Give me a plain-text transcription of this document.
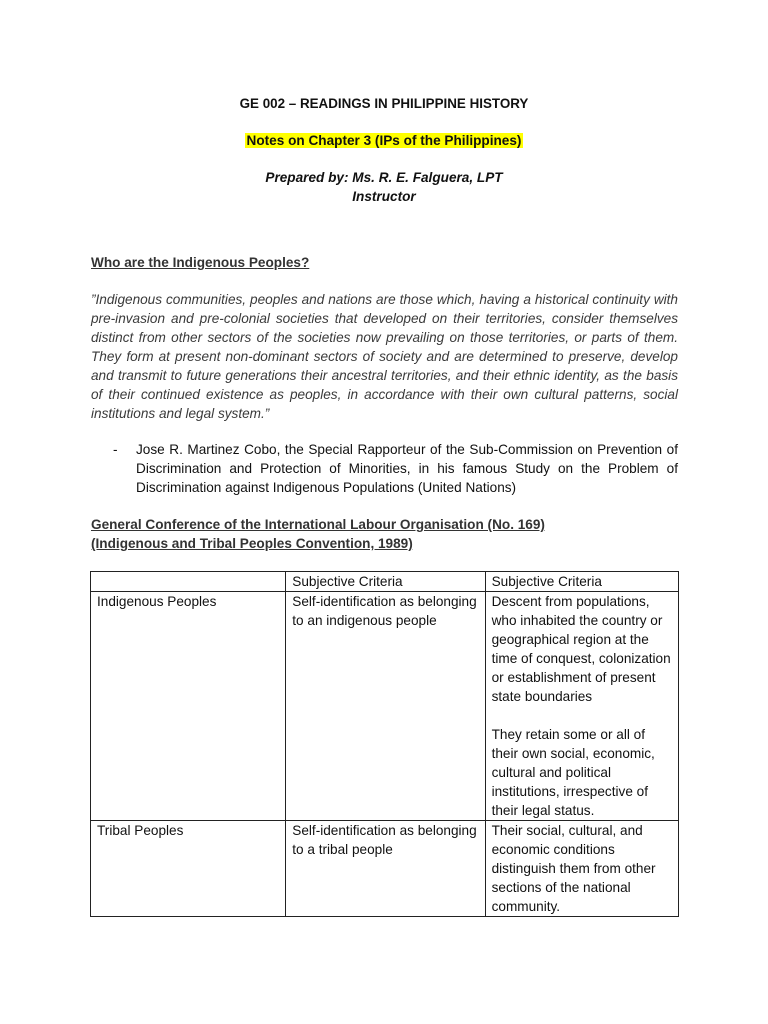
GE 002 – READINGS IN PHILIPPINE HISTORY
Notes on Chapter 3 (IPs of the Philippines)
Prepared by: Ms. R. E. Falguera, LPT
Instructor
Who are the Indigenous Peoples?

”Indigenous communities, peoples and nations are those which, having a historical continuity with pre-invasion and pre-colonial societies that developed on their territories, consider themselves distinct from other sectors of the societies now prevailing on those territories, or parts of them. They form at present non-dominant sectors of society and are determined to preserve, develop and transmit to future generations their ancestral territories, and their ethnic identity, as the basis of their continued existence as peoples, in accordance with their own cultural patterns, social institutions and legal system.”

- Jose R. Martinez Cobo, the Special Rapporteur of the Sub-Commission on Prevention of Discrimination and Protection of Minorities, in his famous Study on the Problem of Discrimination against Indigenous Populations (United Nations)
General Conference of the International Labour Organisation (No. 169)
(Indigenous and Tribal Peoples Convention, 1989)
	Subjective Criteria	Subjective Criteria
Indigenous Peoples	Self-identification as belonging to an indigenous people	Descent from populations, who inhabited the country or geographical region at the time of conquest, colonization or establishment of present state boundaries
They retain some or all of their own social, economic, cultural and political institutions, irrespective of their legal status.

Tribal Peoples	Self-identification as belonging to a tribal people	Their social, cultural, and economic conditions distinguish them from other sections of the national community.
